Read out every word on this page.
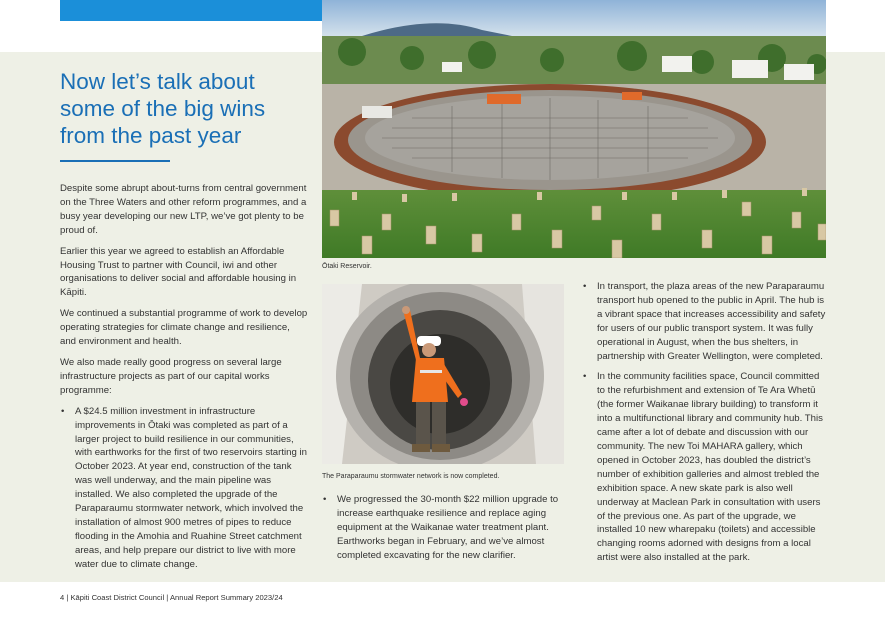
Now let’s talk about some of the big wins from the past year

Despite some abrupt about-turns from central government on the Three Waters and other reform programmes, and a busy year developing our new LTP, we’ve got plenty to be proud of.

Earlier this year we agreed to establish an Affordable Housing Trust to partner with Council, iwi and other organisations to deliver social and affordable housing in Kāpiti.

We continued a substantial programme of work to develop operating strategies for climate change and resilience, and environment and health.

We also made really good progress on several large infrastructure projects as part of our capital works programme:

• A $24.5 million investment in infrastructure improvements in Ōtaki was completed as part of a larger project to build resilience in our communities, with earthworks for the first of two reservoirs starting in October 2023. At year end, construction of the tank was well underway, and the main pipeline was installed. We also completed the upgrade of the Paraparaumu stormwater network, which involved the installation of almost 900 metres of pipes to reduce flooding in the Amohia and Ruahine Street catchment areas, and help prepare our district to live with more water due to climate change.
Ōtaki Reservoir.
The Paraparaumu stormwater network is now completed.
• We progressed the 30-month $22 million upgrade to increase earthquake resilience and replace aging equipment at the Waikanae water treatment plant. Earthworks began in February, and we’ve almost completed excavating for the new clarifier.
• In transport, the plaza areas of the new Paraparaumu transport hub opened to the public in April. The hub is a vibrant space that increases accessibility and safety for users of our public transport system. It was fully operational in August, when the bus shelters, in partnership with Greater Wellington, were completed.
• In the community facilities space, Council committed to the refurbishment and extension of Te Ara Whetū (the former Waikanae library building) to transform it into a multifunctional library and community hub. This came after a lot of debate and discussion with our community. The new Toi MAHARA gallery, which opened in October 2023, has doubled the district’s number of exhibition galleries and almost trebled the exhibition space. A new skate park is also well underway at Maclean Park in consultation with users of the previous one. As part of the upgrade, we installed 10 new wharepaku (toilets) and accessible changing rooms adorned with designs from a local artist were also installed at the park.
4 | Kāpiti Coast District Council | Annual Report Summary 2023/24
